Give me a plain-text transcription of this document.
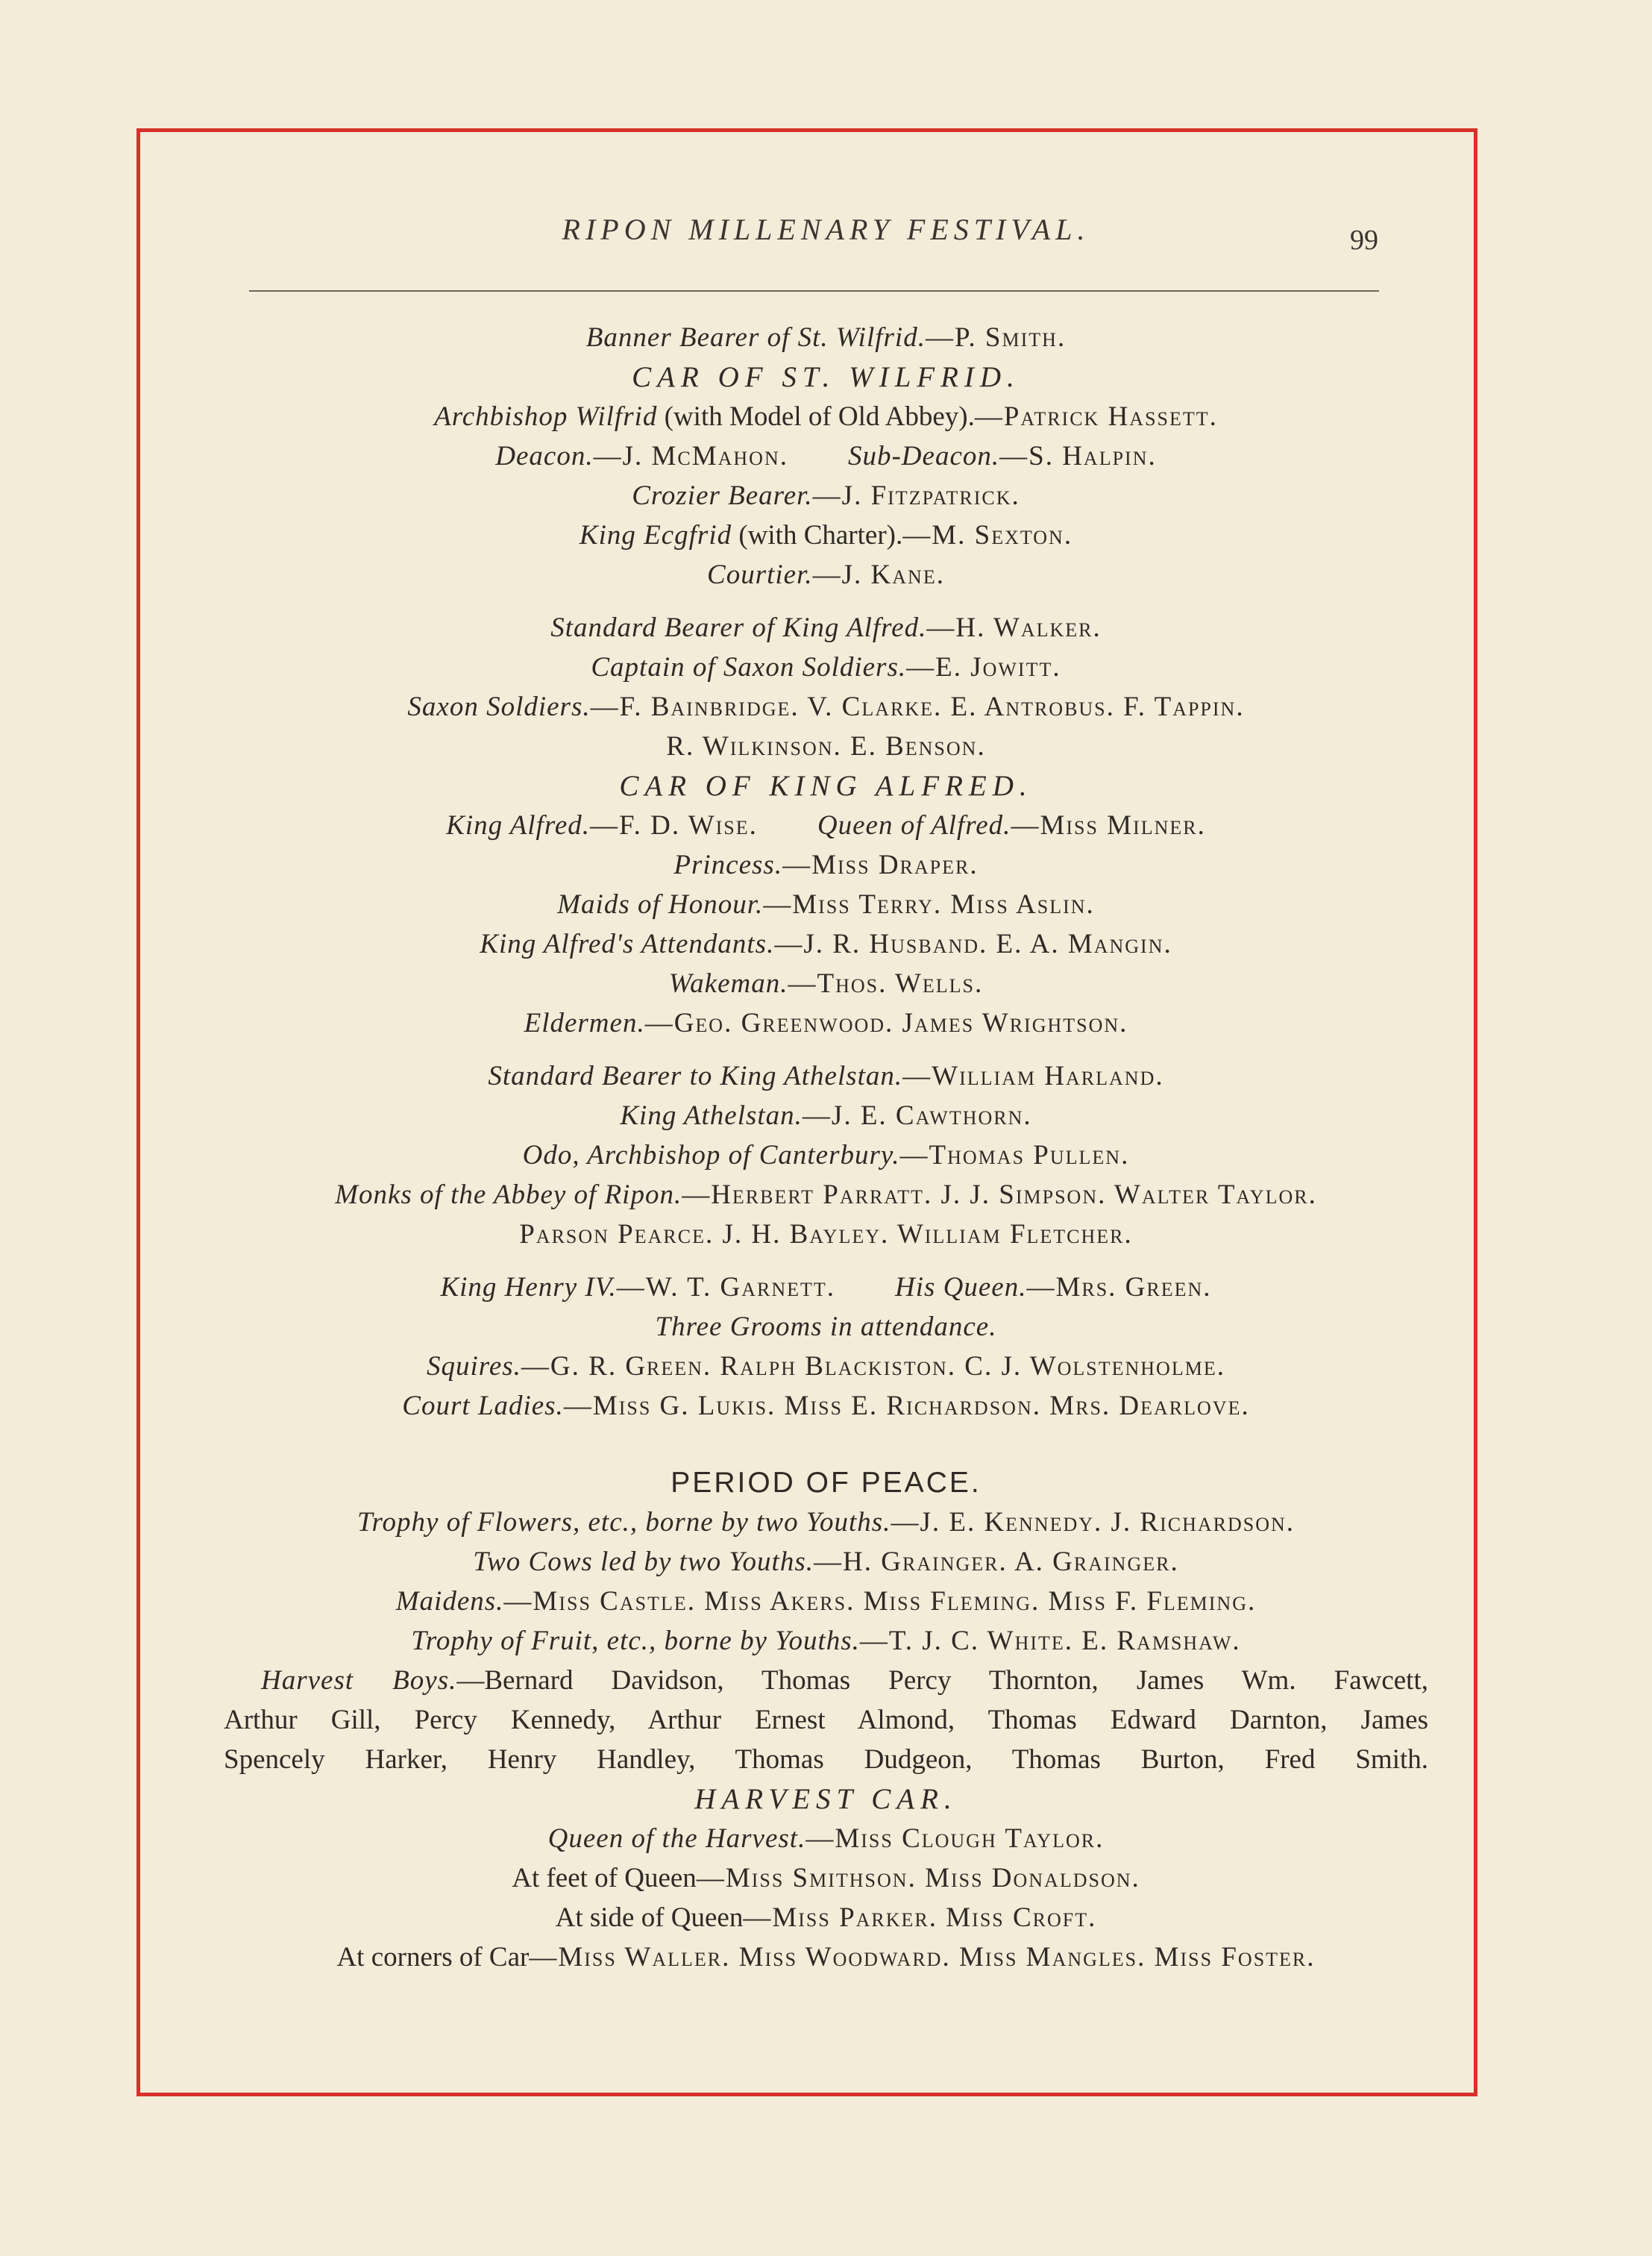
RIPON MILLENARY FESTIVAL.	99
Banner Bearer of St. Wilfrid.—P. Smith.
CAR OF ST. WILFRID.
Archbishop Wilfrid (with Model of Old Abbey).—Patrick Hassett.
Deacon.—J. McMahon. Sub-Deacon.—S. Halpin.
Crozier Bearer.—J. Fitzpatrick.
King Ecgfrid (with Charter).—M. Sexton.
Courtier.—J. Kane.
Standard Bearer of King Alfred.—H. Walker.
Captain of Saxon Soldiers.—E. Jowitt.
Saxon Soldiers.—F. Bainbridge. V. Clarke. E. Antrobus. F. Tappin.
R. Wilkinson. E. Benson.
CAR OF KING ALFRED.
King Alfred.—F. D. Wise. Queen of Alfred.—Miss Milner.
Princess.—Miss Draper.
Maids of Honour.—Miss Terry. Miss Aslin.
King Alfred's Attendants.—J. R. Husband. E. A. Mangin.
Wakeman.—Thos. Wells.
Eldermen.—Geo. Greenwood. James Wrightson.
Standard Bearer to King Athelstan.—William Harland.
King Athelstan.—J. E. Cawthorn.
Odo, Archbishop of Canterbury.—Thomas Pullen.
Monks of the Abbey of Ripon.—Herbert Parratt. J. J. Simpson. Walter Taylor.
Parson Pearce. J. H. Bayley. William Fletcher.
King Henry IV.—W. T. Garnett. His Queen.—Mrs. Green.
Three Grooms in attendance.
Squires.—G. R. Green. Ralph Blackiston. C. J. Wolstenholme.
Court Ladies.—Miss G. Lukis. Miss E. Richardson. Mrs. Dearlove.
PERIOD OF PEACE.
Trophy of Flowers, etc., borne by two Youths.—J. E. Kennedy. J. Richardson.
Two Cows led by two Youths.—H. Grainger. A. Grainger.
Maidens.—Miss Castle. Miss Akers. Miss Fleming. Miss F. Fleming.
Trophy of Fruit, etc., borne by Youths.—T. J. C. White. E. Ramshaw.
Harvest Boys.—Bernard Davidson, Thomas Percy Thornton, James Wm. Fawcett,
Arthur Gill, Percy Kennedy, Arthur Ernest Almond, Thomas Edward Darnton, James
Spencely Harker, Henry Handley, Thomas Dudgeon, Thomas Burton, Fred Smith.
HARVEST CAR.
Queen of the Harvest.—Miss Clough Taylor.
At feet of Queen—Miss Smithson. Miss Donaldson.
At side of Queen—Miss Parker. Miss Croft.
At corners of Car—Miss Waller. Miss Woodward. Miss Mangles. Miss Foster.
